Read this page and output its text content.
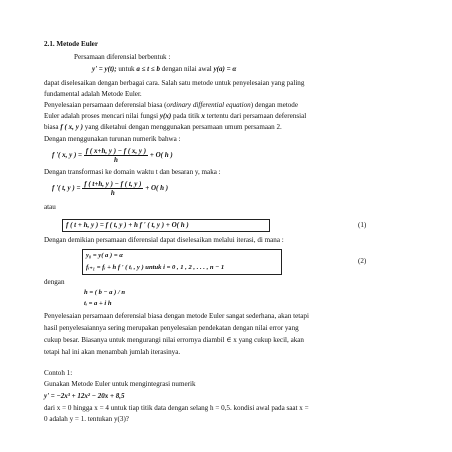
2.1. Metode Euler
Persamaan diferensial berbentuk :
y' = y(t); untuk a ≤ t ≤ b dengan nilai awal y(a) = α
dapat diselesaikan dengan berbagai cara. Salah satu metode untuk penyelesaian yang paling
fundamental adalah Metode Euler.
Penyelesaian persamaan deferensial biasa (ordinary differential equation) dengan metode
Euler adalah proses mencari nilai fungsi y(x) pada titik x tertentu dari persamaan deferensial
biasa f ( x, y ) yang diketahui dengan menggunakan persamaan umum persamaan 2.
Dengan menggunakan turunan numerik bahwa :
f '( x, y ) = $\frac{f ( x+h, y ) - f ( x, y )}{h} + O$( h )
Dengan transformasi ke domain waktu t dan besaran y, maka :
f '( t, y ) = $\frac{f ( t+h, y ) - f ( t, y )}{h} + O$( h )
atau
f ( t + h, y ) = f ( t, y ) + h f ' ( t, y ) + O( h )	(1)
Dengan demikian persamaan diferensial dapat diselesaikan melalui iterasi, di mana :
y₀ = y( a ) = α
fᵢ₊₁ = fᵢ + h f ' ( tᵢ , y ) untuk i = 0 , 1 , 2 , . . . , n − 1
(2)
dengan
h = ( b − a ) / n
tᵢ = a + i h
Penyelesaian persamaan deferensial biasa dengan metode Euler sangat sederhana, akan tetapi
hasil penyelesaiannya sering merupakan penyelesaian pendekatan dengan nilai error yang
cukup besar. Biasanya untuk mengurangi nilai errornya diambil ∈ x yang cukup kecil, akan
tetapi hal ini akan menambah jumlah iterasinya.
Contoh 1:
Gunakan Metode Euler untuk mengintegrasi numerik
y' = −2x³ + 12x² − 20x + 8,5
dari x = 0 hingga x = 4 untuk tiap titik data dengan selang h = 0,5. kondisi awal pada saat x =
0 adalah y = 1. tentukan y(3)?
